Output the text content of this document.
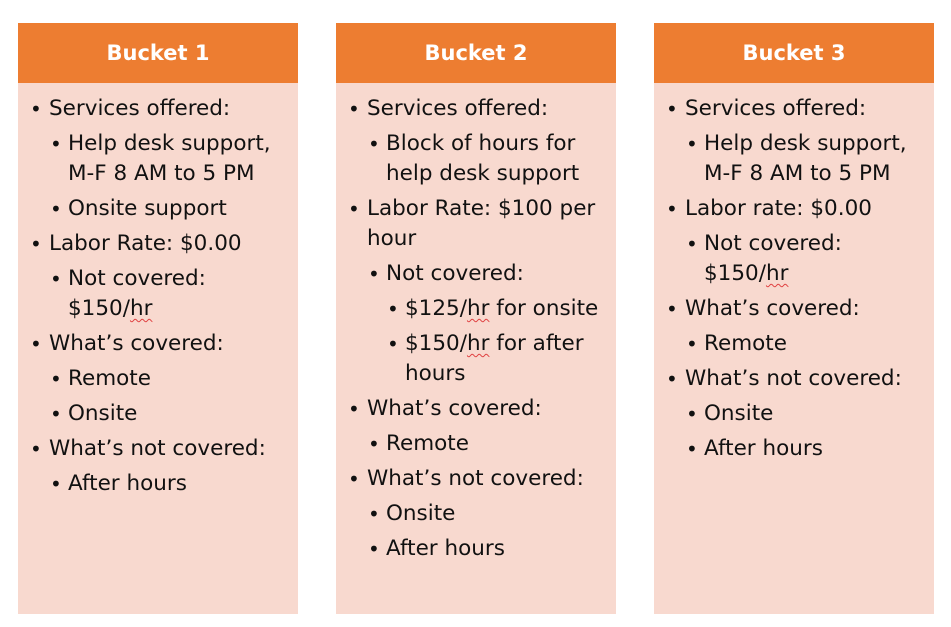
Bucket 1
• Services offered:
• Help desk support, M-F 8 AM to 5 PM
• Onsite support
• Labor Rate: $0.00
• Not covered: $150/hr
• What’s covered:
• Remote
• Onsite
• What’s not covered:
• After hours
Bucket 2
• Services offered:
• Block of hours for help desk support
• Labor Rate: $100 per hour
• Not covered:
• $125/hr for onsite
• $150/hr for after hours
• What’s covered:
• Remote
• What’s not covered:
• Onsite
• After hours
Bucket 3
• Services offered:
• Help desk support, M-F 8 AM to 5 PM
• Labor rate: $0.00
• Not covered: $150/hr
• What’s covered:
• Remote
• What’s not covered:
• Onsite
• After hours
